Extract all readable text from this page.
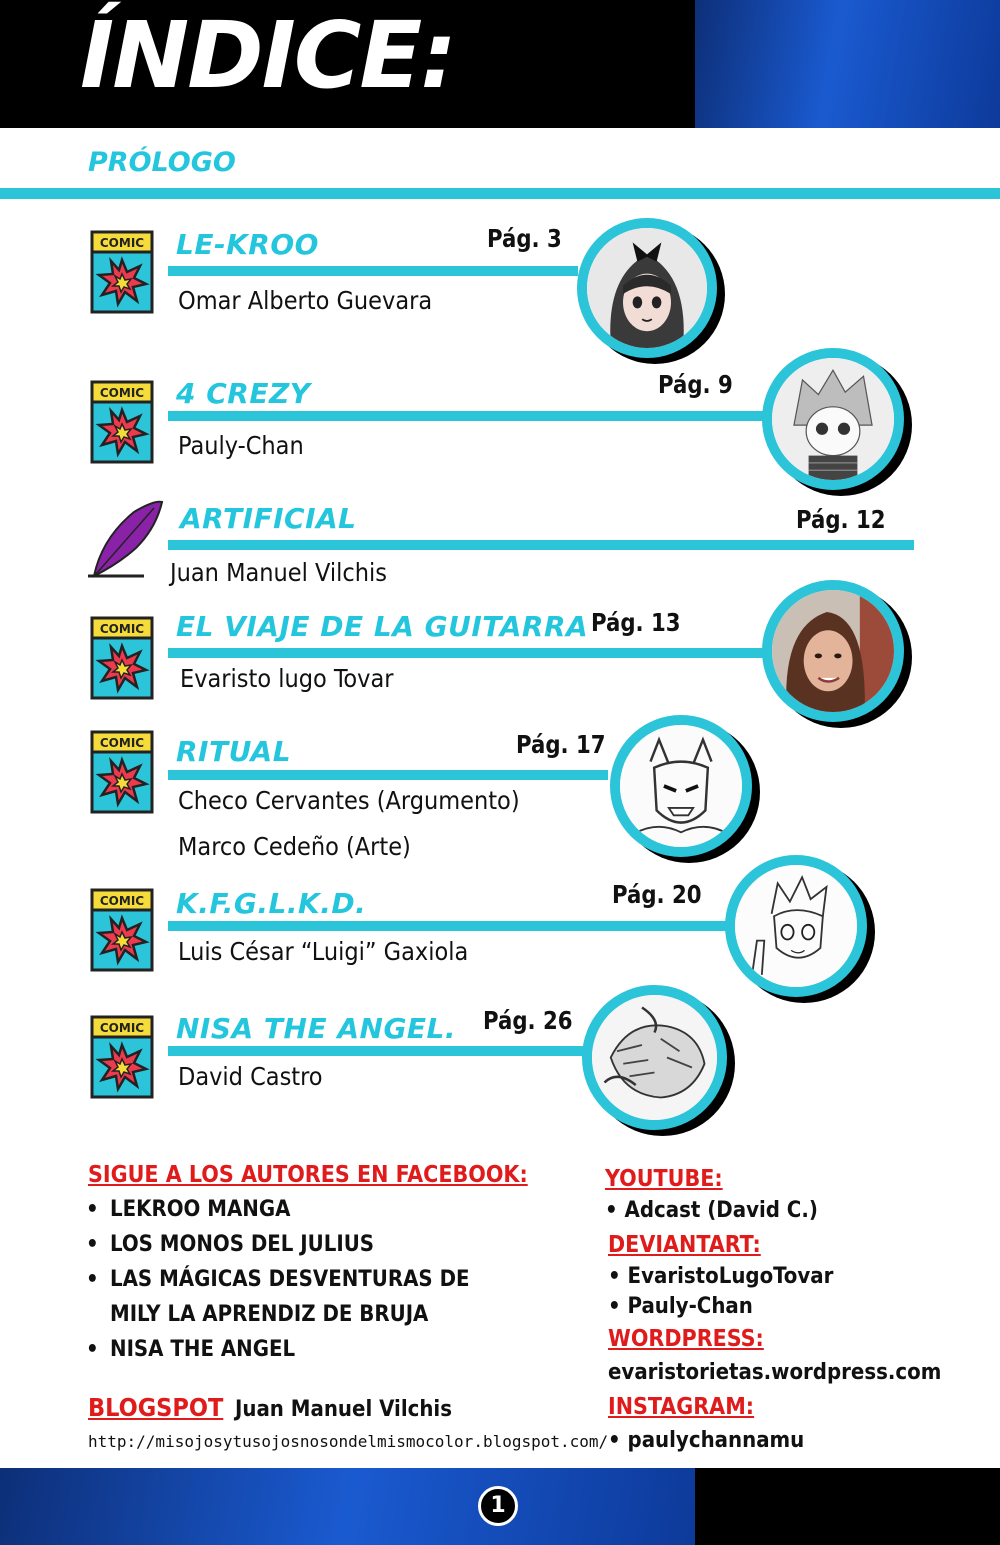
ÍNDICE:
PRÓLOGO
LE-KROO	Pág. 3
Omar Alberto Guevara
4 CREZY	Pág. 9
Pauly-Chan
ARTIFICIAL	Pág. 12
Juan Manuel Vilchis
EL VIAJE DE LA GUITARRA Pág. 13
Evaristo lugo Tovar
RITUAL	Pág. 17
Checo Cervantes (Argumento)
Marco Cedeño (Arte)
K.F.G.L.K.D.	Pág. 20
Luis César “Luigi” Gaxiola
NISA THE ANGEL. Pág. 26
David Castro
SIGUE A LOS AUTORES EN FACEBOOK:
• LEKROO MANGA
• LOS MONOS DEL JULIUS
• LAS MÁGICAS DESVENTURAS DE
MILY LA APRENDIZ DE BRUJA
• NISA THE ANGEL
BLOGSPOT Juan Manuel Vilchis
http://misojosytusojosnosondelmismocolor.blogspot.com/
YOUTUBE:
• Adcast (David C.)
DEVIANTART:
• EvaristoLugoTovar
• Pauly-Chan
WORDPRESS:
evaristorietas.wordpress.com
INSTAGRAM:
• paulychannamu
1
